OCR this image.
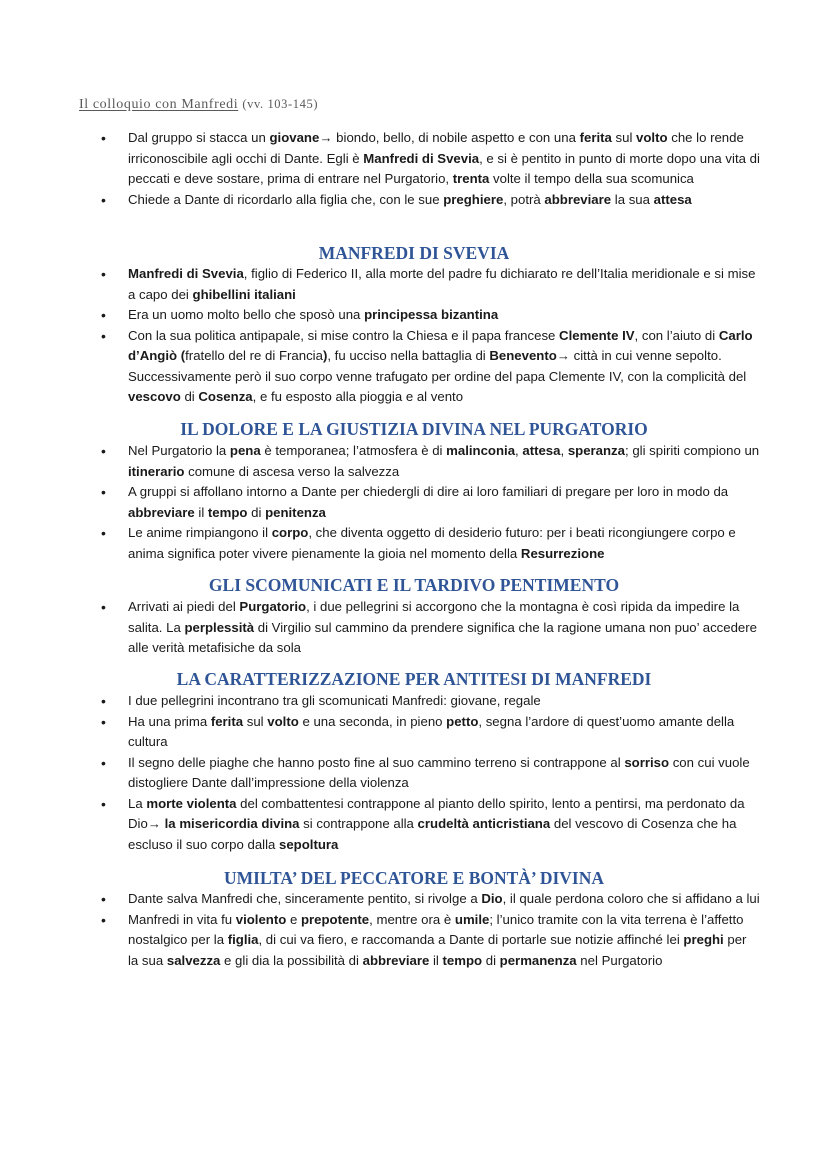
Il colloquio con Manfredi (vv. 103-145)
• Dal gruppo si stacca un giovane→ biondo, bello, di nobile aspetto e con una ferita sul volto che lo rende irriconoscibile agli occhi di Dante. Egli è Manfredi di Svevia, e si è pentito in punto di morte dopo una vita di peccati e deve sostare, prima di entrare nel Purgatorio, trenta volte il tempo della sua scomunica
• Chiede a Dante di ricordarlo alla figlia che, con le sue preghiere, potrà abbreviare la sua attesa
MANFREDI DI SVEVIA
• Manfredi di Svevia, figlio di Federico II, alla morte del padre fu dichiarato re dell’Italia meridionale e si mise a capo dei ghibellini italiani
• Era un uomo molto bello che sposò una principessa bizantina
• Con la sua politica antipapale, si mise contro la Chiesa e il papa francese Clemente IV, con l’aiuto di Carlo d’Angiò (fratello del re di Francia), fu ucciso nella battaglia di Benevento→ città in cui venne sepolto. Successivamente però il suo corpo venne trafugato per ordine del papa Clemente IV, con la complicità del vescovo di Cosenza, e fu esposto alla pioggia e al vento
IL DOLORE E LA GIUSTIZIA DIVINA NEL PURGATORIO
• Nel Purgatorio la pena è temporanea; l’atmosfera è di malinconia, attesa, speranza; gli spiriti compiono un itinerario comune di ascesa verso la salvezza
• A gruppi si affollano intorno a Dante per chiedergli di dire ai loro familiari di pregare per loro in modo da abbreviare il tempo di penitenza
• Le anime rimpiangono il corpo, che diventa oggetto di desiderio futuro: per i beati ricongiungere corpo e anima significa poter vivere pienamente la gioia nel momento della Resurrezione
GLI SCOMUNICATI E IL TARDIVO PENTIMENTO
• Arrivati ai piedi del Purgatorio, i due pellegrini si accorgono che la montagna è così ripida da impedire la salita. La perplessità di Virgilio sul cammino da prendere significa che la ragione umana non puo’ accedere alle verità metafisiche da sola
LA CARATTERIZZAZIONE PER ANTITESI DI MANFREDI
• I due pellegrini incontrano tra gli scomunicati Manfredi: giovane, regale
• Ha una prima ferita sul volto e una seconda, in pieno petto, segna l’ardore di quest’uomo amante della cultura
• Il segno delle piaghe che hanno posto fine al suo cammino terreno si contrappone al sorriso con cui vuole distogliere Dante dall’impressione della violenza
• La morte violenta del combattentesi contrappone al pianto dello spirito, lento a pentirsi, ma perdonato da Dio→ la misericordia divina si contrappone alla crudeltà anticristiana del vescovo di Cosenza che ha escluso il suo corpo dalla sepoltura
UMILTA’ DEL PECCATORE E BONTÀ’ DIVINA
• Dante salva Manfredi che, sinceramente pentito, si rivolge a Dio, il quale perdona coloro che si affidano a lui
• Manfredi in vita fu violento e prepotente, mentre ora è umile; l’unico tramite con la vita terrena è l’affetto nostalgico per la figlia, di cui va fiero, e raccomanda a Dante di portarle sue notizie affinché lei preghi per la sua salvezza e gli dia la possibilità di abbreviare il tempo di permanenza nel Purgatorio
